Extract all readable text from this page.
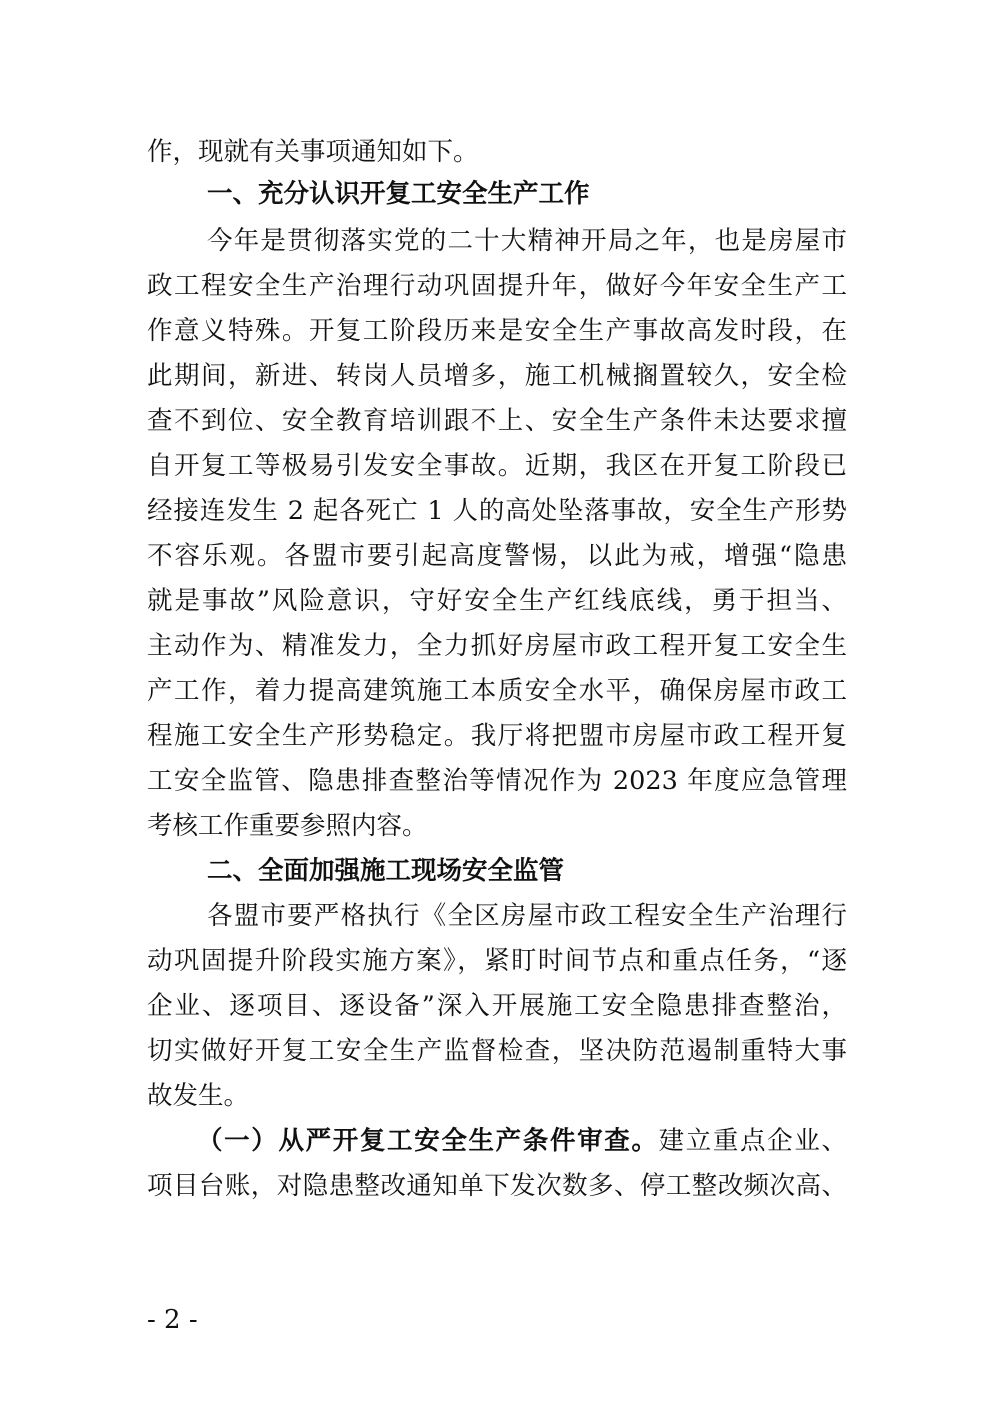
作，现就有关事项通知如下。
一、充分认识开复工安全生产工作
今年是贯彻落实党的二十大精神开局之年，也是房屋市
政工程安全生产治理行动巩固提升年，做好今年安全生产工
作意义特殊。开复工阶段历来是安全生产事故高发时段，在
此期间，新进、转岗人员增多，施工机械搁置较久，安全检
查不到位、安全教育培训跟不上、安全生产条件未达要求擅
自开复工等极易引发安全事故。近期，我区在开复工阶段已
经接连发生 2 起各死亡 1 人的高处坠落事故，安全生产形势
不容乐观。各盟市要引起高度警惕，以此为戒，增强“隐患
就是事故”风险意识，守好安全生产红线底线，勇于担当、
主动作为、精准发力，全力抓好房屋市政工程开复工安全生
产工作，着力提高建筑施工本质安全水平，确保房屋市政工
程施工安全生产形势稳定。我厅将把盟市房屋市政工程开复
工安全监管、隐患排查整治等情况作为 2023 年度应急管理
考核工作重要参照内容。
二、全面加强施工现场安全监管
各盟市要严格执行《全区房屋市政工程安全生产治理行
动巩固提升阶段实施方案》，紧盯时间节点和重点任务，“逐
企业、逐项目、逐设备”深入开展施工安全隐患排查整治，
切实做好开复工安全生产监督检查，坚决防范遏制重特大事
故发生。
（一）从严开复工安全生产条件审查。建立重点企业、
项目台账，对隐患整改通知单下发次数多、停工整改频次高、
- 2 -
